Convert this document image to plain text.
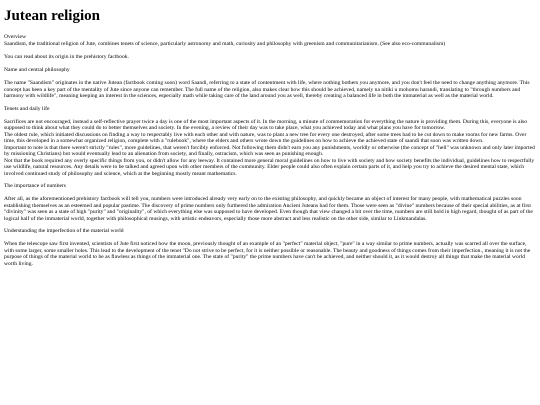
Jutean religion
Overview
Saandism, the traditional religion of Jute, combines tenets of science, particularly astronomy and math, curiosity and philosophy with greenism and communitarianism. (See also eco-communalism)
You can read about its origin in the prehistory factbook.
Name and central philosophy
The name "Saandism" originates in the native Jutean (factbook coming soon) word Saandi, referring to a state of contentment with life, where nothing bothers you anymore, and you don't feel the need to change anything anymore. This concept has been a key part of the mentality of Jute since anyone can remember. The full name of the religion, also makes clear how this should be achieved, namely na nitiki u mohomu harandi, translating to "through numbers and harmony with wildlife", meaning keeping an interest in the sciences, especially math while taking care of the land around you as well, thereby creating a balanced life in both the immaterial as well as the material world.
Tenets and daily life
Sacrifices are not encouraged, instead a self-reflective prayer twice a day is one of the most important aspects of it. In the morning, a minute of commemoration for everything the nature is providing them. During this, everyone is also supposed to think about what they could do to better themselves and society. In the evening, a review of their day was to take place, what you achieved today and what plans you have for tomorrow.
The oldest rule, which initiated discussions on finding a way to respectably live with each other and with nature, was to plant a new tree for every one destroyed, after some trees had to be cut down to make rooms for new farms. Over time, this developed in a somewhat organized religion, complete with a "rulebook", where the elders and others wrote down the guidelines on how to achieve the achieved state of saandi that soon was written down.
Important to note is that there weren't strictly "rules", more guidelines, that weren't forcibly enforced. Not following them didn't earn you any punishments, worldly or otherwise (the concept of "hell" was unknown and only later imported by missioning Christians) but would eventually lead to an alienation from society, and finally, ostracism, which was seen as punishing enough.
Not that the book required any overly specific things from you, or didn't allow for any leeway. It contained more general moral guidelines on how to live with society and how society benefits the individual, guidelines how to respectfully use wildlife, natural resources. Any details were to be talked and agreed upon with other members of the community. Elder people could also often explain certain parts of it, and help you try to achieve the desired mental state, which involved continued study of philosophy and science, which at the beginning mostly meant mathematics.
The importance of numbers
After all, as the aforementioned prehistory factbook will tell you, numbers were introduced already very early on to the existing philosophy, and quickly became an object of interest for many people, with mathematical puzzles soon establishing themselves as an esteemed and popular pastime. The discovery of prime numbers only furthered the admiration Ancient Juteans had for them. Those were seen as "divine" numbers because of their special abilities, as at first "divinity" was seen as a state of high "purity" and "originality", of which everything else was supposed to have developed. Even though that view changed a bit over the time, numbers are still hold in high regard, thought of as part of the logical half of the immaterial world, together with philosophical musings, with artistic endeavors, especially those more abstract and less realistic on the other side, similar to Linkmandalas.
Understanding the imperfection of the material world
When the telescope saw first invented, scientists of Jute first noticed how the moon, previously thought of an example of an "perfect" material object, "pure" in a way similar to prime numbers, actually was scarred all over the surface, with some larger, some smaller holes. This lead to the development of the tenet "Do not strive to be perfect, for it is neither possible or reasonable. The beauty and goodness of things comes from their imperfection., meaning it is not the purpose of things of the material world to be as flawless as things of the immaterial one. The state of "purity" the prime numbers have can't be achieved, and neither should it, as it would destroy all things that make the material world worth living.
